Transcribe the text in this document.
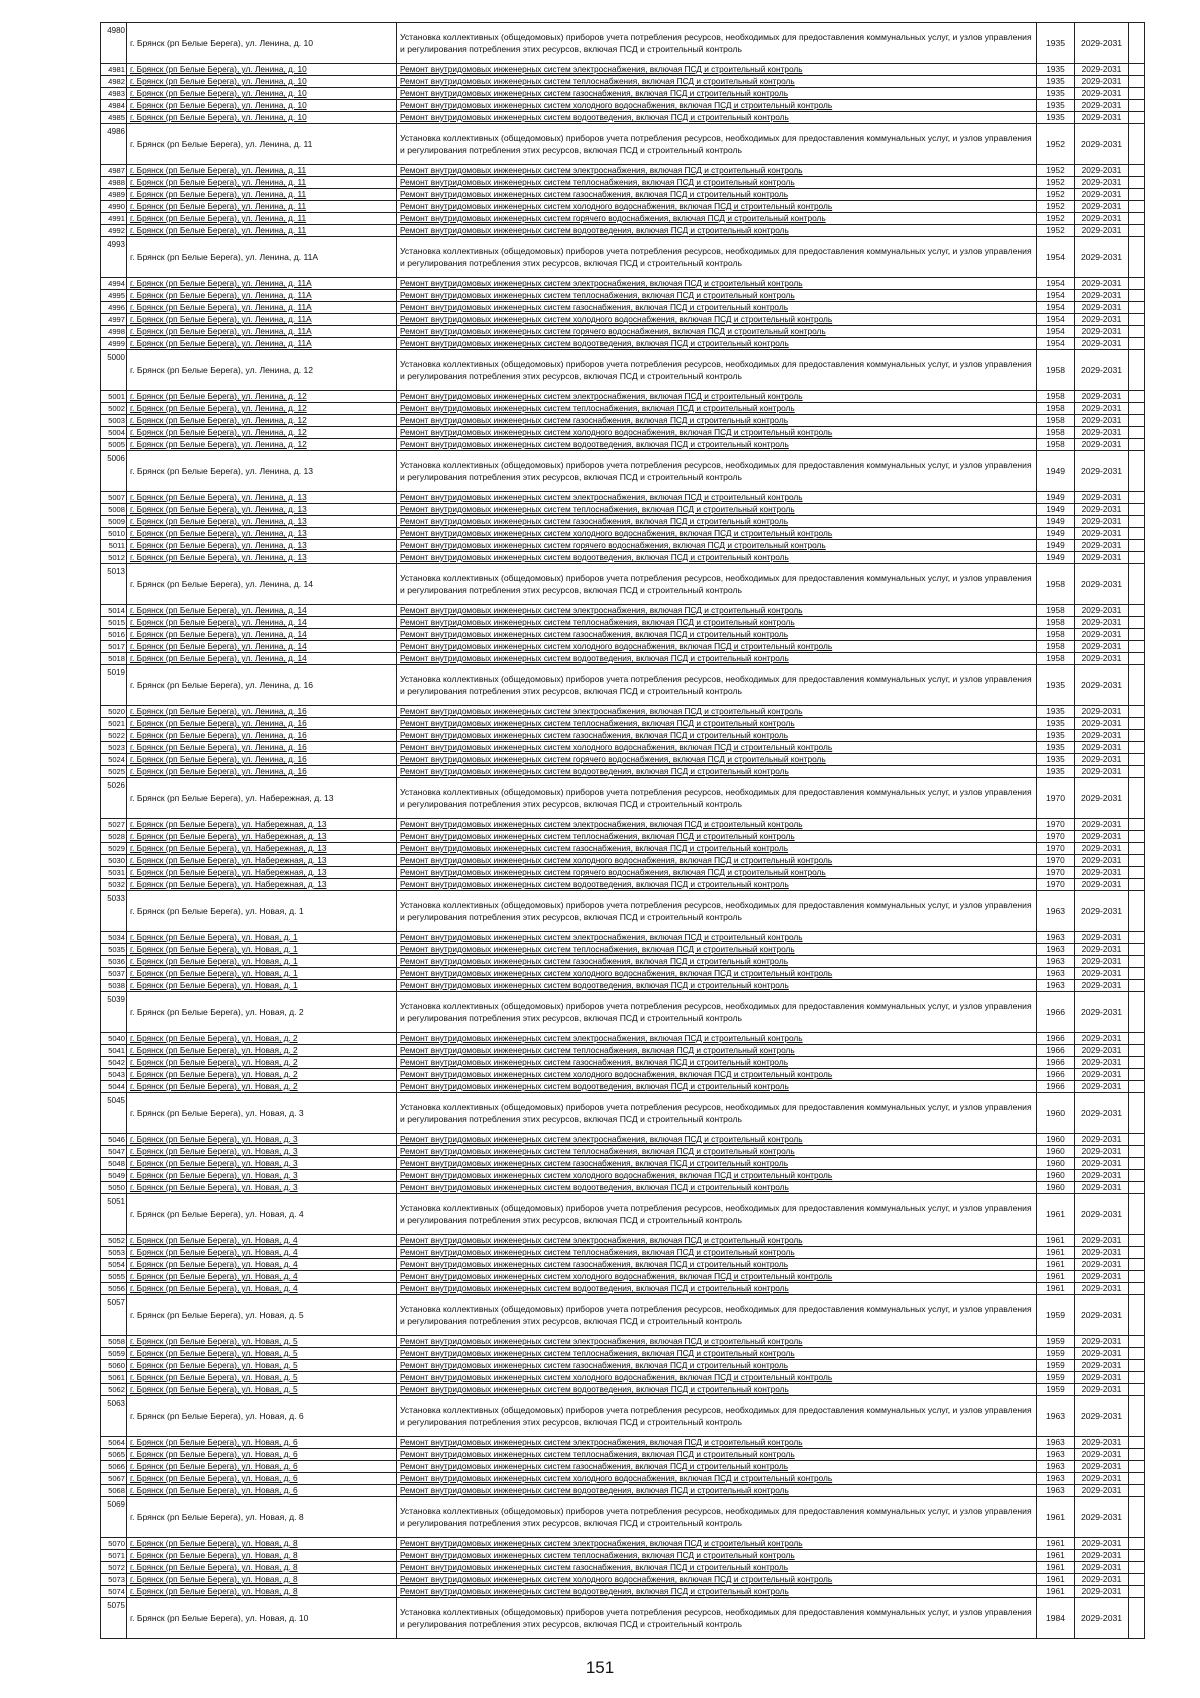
4980	г. Брянск (рп Белые Берега), ул. Ленина, д. 10	Установка коллективных (общедомовых) приборов учета потребления ресурсов, необходимых для предоставления коммунальных услуг, и узлов управления и регулирования потребления этих ресурсов, включая ПСД и строительный контроль	1935	2029-2031	
4981	г. Брянск (рп Белые Берега), ул. Ленина, д. 10	Ремонт внутридомовых инженерных систем электроснабжения, включая ПСД и строительный контроль	1935	2029-2031	
4982	г. Брянск (рп Белые Берега), ул. Ленина, д. 10	Ремонт внутридомовых инженерных систем теплоснабжения, включая ПСД и строительный контроль	1935	2029-2031	
4983	г. Брянск (рп Белые Берега), ул. Ленина, д. 10	Ремонт внутридомовых инженерных систем газоснабжения, включая ПСД и строительный контроль	1935	2029-2031	
4984	г. Брянск (рп Белые Берега), ул. Ленина, д. 10	Ремонт внутридомовых инженерных систем холодного водоснабжения, включая ПСД и строительный контроль	1935	2029-2031	
4985	г. Брянск (рп Белые Берега), ул. Ленина, д. 10	Ремонт внутридомовых инженерных систем водоотведения, включая ПСД и строительный контроль	1935	2029-2031	
4986	г. Брянск (рп Белые Берега), ул. Ленина, д. 11	Установка коллективных (общедомовых) приборов учета потребления ресурсов, необходимых для предоставления коммунальных услуг, и узлов управления и регулирования потребления этих ресурсов, включая ПСД и строительный контроль	1952	2029-2031	
4987	г. Брянск (рп Белые Берега), ул. Ленина, д. 11	Ремонт внутридомовых инженерных систем электроснабжения, включая ПСД и строительный контроль	1952	2029-2031	
4988	г. Брянск (рп Белые Берега), ул. Ленина, д. 11	Ремонт внутридомовых инженерных систем теплоснабжения, включая ПСД и строительный контроль	1952	2029-2031	
4989	г. Брянск (рп Белые Берега), ул. Ленина, д. 11	Ремонт внутридомовых инженерных систем газоснабжения, включая ПСД и строительный контроль	1952	2029-2031	
4990	г. Брянск (рп Белые Берега), ул. Ленина, д. 11	Ремонт внутридомовых инженерных систем холодного водоснабжения, включая ПСД и строительный контроль	1952	2029-2031	
4991	г. Брянск (рп Белые Берега), ул. Ленина, д. 11	Ремонт внутридомовых инженерных систем горячего водоснабжения, включая ПСД и строительный контроль	1952	2029-2031	
4992	г. Брянск (рп Белые Берега), ул. Ленина, д. 11	Ремонт внутридомовых инженерных систем водоотведения, включая ПСД и строительный контроль	1952	2029-2031	
4993	г. Брянск (рп Белые Берега), ул. Ленина, д. 11А	Установка коллективных (общедомовых) приборов учета потребления ресурсов, необходимых для предоставления коммунальных услуг, и узлов управления и регулирования потребления этих ресурсов, включая ПСД и строительный контроль	1954	2029-2031	
4994	г. Брянск (рп Белые Берега), ул. Ленина, д. 11А	Ремонт внутридомовых инженерных систем электроснабжения, включая ПСД и строительный контроль	1954	2029-2031	
4995	г. Брянск (рп Белые Берега), ул. Ленина, д. 11А	Ремонт внутридомовых инженерных систем теплоснабжения, включая ПСД и строительный контроль	1954	2029-2031	
4996	г. Брянск (рп Белые Берега), ул. Ленина, д. 11А	Ремонт внутридомовых инженерных систем газоснабжения, включая ПСД и строительный контроль	1954	2029-2031	
4997	г. Брянск (рп Белые Берега), ул. Ленина, д. 11А	Ремонт внутридомовых инженерных систем холодного водоснабжения, включая ПСД и строительный контроль	1954	2029-2031	
4998	г. Брянск (рп Белые Берега), ул. Ленина, д. 11А	Ремонт внутридомовых инженерных систем горячего водоснабжения, включая ПСД и строительный контроль	1954	2029-2031	
4999	г. Брянск (рп Белые Берега), ул. Ленина, д. 11А	Ремонт внутридомовых инженерных систем водоотведения, включая ПСД и строительный контроль	1954	2029-2031	
5000	г. Брянск (рп Белые Берега), ул. Ленина, д. 12	Установка коллективных (общедомовых) приборов учета потребления ресурсов, необходимых для предоставления коммунальных услуг, и узлов управления и регулирования потребления этих ресурсов, включая ПСД и строительный контроль	1958	2029-2031	
5001	г. Брянск (рп Белые Берега), ул. Ленина, д. 12	Ремонт внутридомовых инженерных систем электроснабжения, включая ПСД и строительный контроль	1958	2029-2031	
5002	г. Брянск (рп Белые Берега), ул. Ленина, д. 12	Ремонт внутридомовых инженерных систем теплоснабжения, включая ПСД и строительный контроль	1958	2029-2031	
5003	г. Брянск (рп Белые Берега), ул. Ленина, д. 12	Ремонт внутридомовых инженерных систем газоснабжения, включая ПСД и строительный контроль	1958	2029-2031	
5004	г. Брянск (рп Белые Берега), ул. Ленина, д. 12	Ремонт внутридомовых инженерных систем холодного водоснабжения, включая ПСД и строительный контроль	1958	2029-2031	
5005	г. Брянск (рп Белые Берега), ул. Ленина, д. 12	Ремонт внутридомовых инженерных систем водоотведения, включая ПСД и строительный контроль	1958	2029-2031	
5006	г. Брянск (рп Белые Берега), ул. Ленина, д. 13	Установка коллективных (общедомовых) приборов учета потребления ресурсов, необходимых для предоставления коммунальных услуг, и узлов управления и регулирования потребления этих ресурсов, включая ПСД и строительный контроль	1949	2029-2031	
5007	г. Брянск (рп Белые Берега), ул. Ленина, д. 13	Ремонт внутридомовых инженерных систем электроснабжения, включая ПСД и строительный контроль	1949	2029-2031	
5008	г. Брянск (рп Белые Берега), ул. Ленина, д. 13	Ремонт внутридомовых инженерных систем теплоснабжения, включая ПСД и строительный контроль	1949	2029-2031	
5009	г. Брянск (рп Белые Берега), ул. Ленина, д. 13	Ремонт внутридомовых инженерных систем газоснабжения, включая ПСД и строительный контроль	1949	2029-2031	
5010	г. Брянск (рп Белые Берега), ул. Ленина, д. 13	Ремонт внутридомовых инженерных систем холодного водоснабжения, включая ПСД и строительный контроль	1949	2029-2031	
5011	г. Брянск (рп Белые Берега), ул. Ленина, д. 13	Ремонт внутридомовых инженерных систем горячего водоснабжения, включая ПСД и строительный контроль	1949	2029-2031	
5012	г. Брянск (рп Белые Берега), ул. Ленина, д. 13	Ремонт внутридомовых инженерных систем водоотведения, включая ПСД и строительный контроль	1949	2029-2031	
5013	г. Брянск (рп Белые Берега), ул. Ленина, д. 14	Установка коллективных (общедомовых) приборов учета потребления ресурсов, необходимых для предоставления коммунальных услуг, и узлов управления и регулирования потребления этих ресурсов, включая ПСД и строительный контроль	1958	2029-2031	
5014	г. Брянск (рп Белые Берега), ул. Ленина, д. 14	Ремонт внутридомовых инженерных систем электроснабжения, включая ПСД и строительный контроль	1958	2029-2031	
5015	г. Брянск (рп Белые Берега), ул. Ленина, д. 14	Ремонт внутридомовых инженерных систем теплоснабжения, включая ПСД и строительный контроль	1958	2029-2031	
5016	г. Брянск (рп Белые Берега), ул. Ленина, д. 14	Ремонт внутридомовых инженерных систем газоснабжения, включая ПСД и строительный контроль	1958	2029-2031	
5017	г. Брянск (рп Белые Берега), ул. Ленина, д. 14	Ремонт внутридомовых инженерных систем холодного водоснабжения, включая ПСД и строительный контроль	1958	2029-2031	
5018	г. Брянск (рп Белые Берега), ул. Ленина, д. 14	Ремонт внутридомовых инженерных систем водоотведения, включая ПСД и строительный контроль	1958	2029-2031	
5019	г. Брянск (рп Белые Берега), ул. Ленина, д. 16	Установка коллективных (общедомовых) приборов учета потребления ресурсов, необходимых для предоставления коммунальных услуг, и узлов управления и регулирования потребления этих ресурсов, включая ПСД и строительный контроль	1935	2029-2031	
5020	г. Брянск (рп Белые Берега), ул. Ленина, д. 16	Ремонт внутридомовых инженерных систем электроснабжения, включая ПСД и строительный контроль	1935	2029-2031	
5021	г. Брянск (рп Белые Берега), ул. Ленина, д. 16	Ремонт внутридомовых инженерных систем теплоснабжения, включая ПСД и строительный контроль	1935	2029-2031	
5022	г. Брянск (рп Белые Берега), ул. Ленина, д. 16	Ремонт внутридомовых инженерных систем газоснабжения, включая ПСД и строительный контроль	1935	2029-2031	
5023	г. Брянск (рп Белые Берега), ул. Ленина, д. 16	Ремонт внутридомовых инженерных систем холодного водоснабжения, включая ПСД и строительный контроль	1935	2029-2031	
5024	г. Брянск (рп Белые Берега), ул. Ленина, д. 16	Ремонт внутридомовых инженерных систем горячего водоснабжения, включая ПСД и строительный контроль	1935	2029-2031	
5025	г. Брянск (рп Белые Берега), ул. Ленина, д. 16	Ремонт внутридомовых инженерных систем водоотведения, включая ПСД и строительный контроль	1935	2029-2031	
5026	г. Брянск (рп Белые Берега), ул. Набережная, д. 13	Установка коллективных (общедомовых) приборов учета потребления ресурсов, необходимых для предоставления коммунальных услуг, и узлов управления и регулирования потребления этих ресурсов, включая ПСД и строительный контроль	1970	2029-2031	
5027	г. Брянск (рп Белые Берега), ул. Набережная, д. 13	Ремонт внутридомовых инженерных систем электроснабжения, включая ПСД и строительный контроль	1970	2029-2031	
5028	г. Брянск (рп Белые Берега), ул. Набережная, д. 13	Ремонт внутридомовых инженерных систем теплоснабжения, включая ПСД и строительный контроль	1970	2029-2031	
5029	г. Брянск (рп Белые Берега), ул. Набережная, д. 13	Ремонт внутридомовых инженерных систем газоснабжения, включая ПСД и строительный контроль	1970	2029-2031	
5030	г. Брянск (рп Белые Берега), ул. Набережная, д. 13	Ремонт внутридомовых инженерных систем холодного водоснабжения, включая ПСД и строительный контроль	1970	2029-2031	
5031	г. Брянск (рп Белые Берега), ул. Набережная, д. 13	Ремонт внутридомовых инженерных систем горячего водоснабжения, включая ПСД и строительный контроль	1970	2029-2031	
5032	г. Брянск (рп Белые Берега), ул. Набережная, д. 13	Ремонт внутридомовых инженерных систем водоотведения, включая ПСД и строительный контроль	1970	2029-2031	
5033	г. Брянск (рп Белые Берега), ул. Новая, д. 1	Установка коллективных (общедомовых) приборов учета потребления ресурсов, необходимых для предоставления коммунальных услуг, и узлов управления и регулирования потребления этих ресурсов, включая ПСД и строительный контроль	1963	2029-2031	
5034	г. Брянск (рп Белые Берега), ул. Новая, д. 1	Ремонт внутридомовых инженерных систем электроснабжения, включая ПСД и строительный контроль	1963	2029-2031	
5035	г. Брянск (рп Белые Берега), ул. Новая, д. 1	Ремонт внутридомовых инженерных систем теплоснабжения, включая ПСД и строительный контроль	1963	2029-2031	
5036	г. Брянск (рп Белые Берега), ул. Новая, д. 1	Ремонт внутридомовых инженерных систем газоснабжения, включая ПСД и строительный контроль	1963	2029-2031	
5037	г. Брянск (рп Белые Берега), ул. Новая, д. 1	Ремонт внутридомовых инженерных систем холодного водоснабжения, включая ПСД и строительный контроль	1963	2029-2031	
5038	г. Брянск (рп Белые Берега), ул. Новая, д. 1	Ремонт внутридомовых инженерных систем водоотведения, включая ПСД и строительный контроль	1963	2029-2031	
5039	г. Брянск (рп Белые Берега), ул. Новая, д. 2	Установка коллективных (общедомовых) приборов учета потребления ресурсов, необходимых для предоставления коммунальных услуг, и узлов управления и регулирования потребления этих ресурсов, включая ПСД и строительный контроль	1966	2029-2031	
5040	г. Брянск (рп Белые Берега), ул. Новая, д. 2	Ремонт внутридомовых инженерных систем электроснабжения, включая ПСД и строительный контроль	1966	2029-2031	
5041	г. Брянск (рп Белые Берега), ул. Новая, д. 2	Ремонт внутридомовых инженерных систем теплоснабжения, включая ПСД и строительный контроль	1966	2029-2031	
5042	г. Брянск (рп Белые Берега), ул. Новая, д. 2	Ремонт внутридомовых инженерных систем газоснабжения, включая ПСД и строительный контроль	1966	2029-2031	
5043	г. Брянск (рп Белые Берега), ул. Новая, д. 2	Ремонт внутридомовых инженерных систем холодного водоснабжения, включая ПСД и строительный контроль	1966	2029-2031	
5044	г. Брянск (рп Белые Берега), ул. Новая, д. 2	Ремонт внутридомовых инженерных систем водоотведения, включая ПСД и строительный контроль	1966	2029-2031	
5045	г. Брянск (рп Белые Берега), ул. Новая, д. 3	Установка коллективных (общедомовых) приборов учета потребления ресурсов, необходимых для предоставления коммунальных услуг, и узлов управления и регулирования потребления этих ресурсов, включая ПСД и строительный контроль	1960	2029-2031	
5046	г. Брянск (рп Белые Берега), ул. Новая, д. 3	Ремонт внутридомовых инженерных систем электроснабжения, включая ПСД и строительный контроль	1960	2029-2031	
5047	г. Брянск (рп Белые Берега), ул. Новая, д. 3	Ремонт внутридомовых инженерных систем теплоснабжения, включая ПСД и строительный контроль	1960	2029-2031	
5048	г. Брянск (рп Белые Берега), ул. Новая, д. 3	Ремонт внутридомовых инженерных систем газоснабжения, включая ПСД и строительный контроль	1960	2029-2031	
5049	г. Брянск (рп Белые Берега), ул. Новая, д. 3	Ремонт внутридомовых инженерных систем холодного водоснабжения, включая ПСД и строительный контроль	1960	2029-2031	
5050	г. Брянск (рп Белые Берега), ул. Новая, д. 3	Ремонт внутридомовых инженерных систем водоотведения, включая ПСД и строительный контроль	1960	2029-2031	
5051	г. Брянск (рп Белые Берега), ул. Новая, д. 4	Установка коллективных (общедомовых) приборов учета потребления ресурсов, необходимых для предоставления коммунальных услуг, и узлов управления и регулирования потребления этих ресурсов, включая ПСД и строительный контроль	1961	2029-2031	
5052	г. Брянск (рп Белые Берега), ул. Новая, д. 4	Ремонт внутридомовых инженерных систем электроснабжения, включая ПСД и строительный контроль	1961	2029-2031	
5053	г. Брянск (рп Белые Берега), ул. Новая, д. 4	Ремонт внутридомовых инженерных систем теплоснабжения, включая ПСД и строительный контроль	1961	2029-2031	
5054	г. Брянск (рп Белые Берега), ул. Новая, д. 4	Ремонт внутридомовых инженерных систем газоснабжения, включая ПСД и строительный контроль	1961	2029-2031	
5055	г. Брянск (рп Белые Берега), ул. Новая, д. 4	Ремонт внутридомовых инженерных систем холодного водоснабжения, включая ПСД и строительный контроль	1961	2029-2031	
5056	г. Брянск (рп Белые Берега), ул. Новая, д. 4	Ремонт внутридомовых инженерных систем водоотведения, включая ПСД и строительный контроль	1961	2029-2031	
5057	г. Брянск (рп Белые Берега), ул. Новая, д. 5	Установка коллективных (общедомовых) приборов учета потребления ресурсов, необходимых для предоставления коммунальных услуг, и узлов управления и регулирования потребления этих ресурсов, включая ПСД и строительный контроль	1959	2029-2031	
5058	г. Брянск (рп Белые Берега), ул. Новая, д. 5	Ремонт внутридомовых инженерных систем электроснабжения, включая ПСД и строительный контроль	1959	2029-2031	
5059	г. Брянск (рп Белые Берега), ул. Новая, д. 5	Ремонт внутридомовых инженерных систем теплоснабжения, включая ПСД и строительный контроль	1959	2029-2031	
5060	г. Брянск (рп Белые Берега), ул. Новая, д. 5	Ремонт внутридомовых инженерных систем газоснабжения, включая ПСД и строительный контроль	1959	2029-2031	
5061	г. Брянск (рп Белые Берега), ул. Новая, д. 5	Ремонт внутридомовых инженерных систем холодного водоснабжения, включая ПСД и строительный контроль	1959	2029-2031	
5062	г. Брянск (рп Белые Берега), ул. Новая, д. 5	Ремонт внутридомовых инженерных систем водоотведения, включая ПСД и строительный контроль	1959	2029-2031	
5063	г. Брянск (рп Белые Берега), ул. Новая, д. 6	Установка коллективных (общедомовых) приборов учета потребления ресурсов, необходимых для предоставления коммунальных услуг, и узлов управления и регулирования потребления этих ресурсов, включая ПСД и строительный контроль	1963	2029-2031	
5064	г. Брянск (рп Белые Берега), ул. Новая, д. 6	Ремонт внутридомовых инженерных систем электроснабжения, включая ПСД и строительный контроль	1963	2029-2031	
5065	г. Брянск (рп Белые Берега), ул. Новая, д. 6	Ремонт внутридомовых инженерных систем теплоснабжения, включая ПСД и строительный контроль	1963	2029-2031	
5066	г. Брянск (рп Белые Берега), ул. Новая, д. 6	Ремонт внутридомовых инженерных систем газоснабжения, включая ПСД и строительный контроль	1963	2029-2031	
5067	г. Брянск (рп Белые Берега), ул. Новая, д. 6	Ремонт внутридомовых инженерных систем холодного водоснабжения, включая ПСД и строительный контроль	1963	2029-2031	
5068	г. Брянск (рп Белые Берега), ул. Новая, д. 6	Ремонт внутридомовых инженерных систем водоотведения, включая ПСД и строительный контроль	1963	2029-2031	
5069	г. Брянск (рп Белые Берега), ул. Новая, д. 8	Установка коллективных (общедомовых) приборов учета потребления ресурсов, необходимых для предоставления коммунальных услуг, и узлов управления и регулирования потребления этих ресурсов, включая ПСД и строительный контроль	1961	2029-2031	
5070	г. Брянск (рп Белые Берега), ул. Новая, д. 8	Ремонт внутридомовых инженерных систем электроснабжения, включая ПСД и строительный контроль	1961	2029-2031	
5071	г. Брянск (рп Белые Берега), ул. Новая, д. 8	Ремонт внутридомовых инженерных систем теплоснабжения, включая ПСД и строительный контроль	1961	2029-2031	
5072	г. Брянск (рп Белые Берега), ул. Новая, д. 8	Ремонт внутридомовых инженерных систем газоснабжения, включая ПСД и строительный контроль	1961	2029-2031	
5073	г. Брянск (рп Белые Берега), ул. Новая, д. 8	Ремонт внутридомовых инженерных систем холодного водоснабжения, включая ПСД и строительный контроль	1961	2029-2031	
5074	г. Брянск (рп Белые Берега), ул. Новая, д. 8	Ремонт внутридомовых инженерных систем водоотведения, включая ПСД и строительный контроль	1961	2029-2031	
5075	г. Брянск (рп Белые Берега), ул. Новая, д. 10	Установка коллективных (общедомовых) приборов учета потребления ресурсов, необходимых для предоставления коммунальных услуг, и узлов управления и регулирования потребления этих ресурсов, включая ПСД и строительный контроль	1984	2029-2031	
151
